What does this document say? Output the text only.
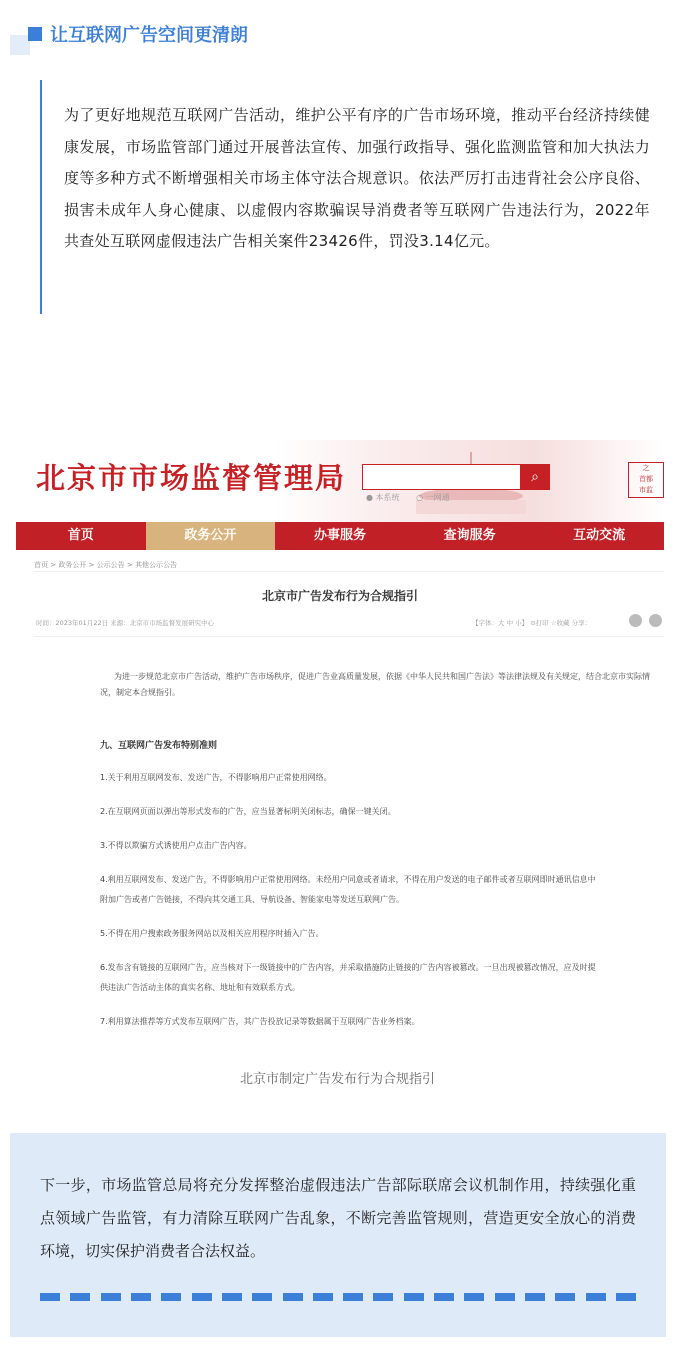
让互联网广告空间更清朗

为了更好地规范互联网广告活动，维护公平有序的广告市场环境，推动平台经济持续健康发展，市场监管部门通过开展普法宣传、加强行政指导、强化监测监管和加大执法力度等多种方式不断增强相关市场主体守法合规意识。依法严厉打击违背社会公序良俗、损害未成年人身心健康、以虚假内容欺骗误导消费者等互联网广告违法行为，2022年共查处互联网虚假违法广告相关案件23426件，罚没3.14亿元。

北京市市场监督管理局	⌕
● 本系统 ○ 一网通
之
首都
市监
首页	政务公开	办事服务	查询服务	互动交流
首页 > 政务公开 > 公示公告 > 其他公示公告
北京市广告发布行为合规指引
时间：2023年01月22日 来源：北京市市场监督发展研究中心	【字体：大 中 小】 ⊙打印 ☆收藏 分享：
为进一步规范北京市广告活动，维护广告市场秩序，促进广告业高质量发展，依据《中华人民共和国广告法》等法律法规及有关规定，结合北京市实际情况，制定本合规指引。
九、互联网广告发布特别准则
1.关于利用互联网发布、发送广告，不得影响用户正常使用网络。
2.在互联网页面以弹出等形式发布的广告，应当显著标明关闭标志，确保一键关闭。
3.不得以欺骗方式诱使用户点击广告内容。
4.利用互联网发布、发送广告，不得影响用户正常使用网络。未经用户同意或者请求，不得在用户发送的电子邮件或者互联网即时通讯信息中
附加广告或者广告链接，不得向其交通工具、导航设备、智能家电等发送互联网广告。
5.不得在用户搜索政务服务网站以及相关应用程序时插入广告。
6.发布含有链接的互联网广告，应当核对下一级链接中的广告内容，并采取措施防止链接的广告内容被篡改。一旦出现被篡改情况，应及时提
供违法广告活动主体的真实名称、地址和有效联系方式。
7.利用算法推荐等方式发布互联网广告，其广告投放记录等数据属于互联网广告业务档案。
北京市制定广告发布行为合规指引

下一步，市场监管总局将充分发挥整治虚假违法广告部际联席会议机制作用，持续强化重点领域广告监管，有力清除互联网广告乱象，不断完善监管规则，营造更安全放心的消费环境，切实保护消费者合法权益。
